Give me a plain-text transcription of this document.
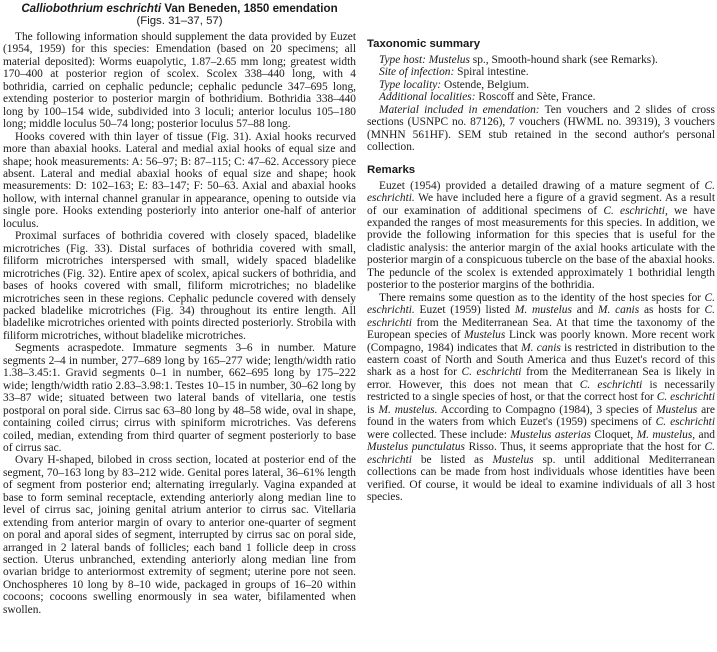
Calliobothrium eschrichti Van Beneden, 1850 emendation
(Figs. 31–37, 57)

The following information should supplement the data provided by Euzet (1954, 1959) for this species: Emendation (based on 20 specimens; all material deposited): Worms euapolytic, 1.87–2.65 mm long; greatest width 170–400 at posterior region of scolex. Scolex 338–440 long, with 4 bothridia, carried on cephalic peduncle; cephalic peduncle 347–695 long, extending posterior to posterior margin of bothridium. Bothridia 338–440 long by 100–154 wide, subdivided into 3 loculi; anterior loculus 105–180 long; middle loculus 50–74 long; posterior loculus 57–88 long.

Hooks covered with thin layer of tissue (Fig. 31). Axial hooks recurved more than abaxial hooks. Lateral and medial axial hooks of equal size and shape; hook measurements: A: 56–97; B: 87–115; C: 47–62. Accessory piece absent. Lateral and medial abaxial hooks of equal size and shape; hook measurements: D: 102–163; E: 83–147; F: 50–63. Axial and abaxial hooks hollow, with internal channel granular in appearance, opening to outside via single pore. Hooks extending posteriorly into anterior one-half of anterior loculus.

Proximal surfaces of bothridia covered with closely spaced, bladelike microtriches (Fig. 33). Distal surfaces of bothridia covered with small, filiform microtriches interspersed with small, widely spaced bladelike microtriches (Fig. 32). Entire apex of scolex, apical suckers of bothridia, and bases of hooks covered with small, filiform microtriches; no bladelike microtriches seen in these regions. Cephalic peduncle covered with densely packed bladelike microtriches (Fig. 34) throughout its entire length. All bladelike microtriches oriented with points directed posteriorly. Strobila with filiform microtriches, without bladelike microtriches.

Segments acraspedote. Immature segments 3–6 in number. Mature segments 2–4 in number, 277–689 long by 165–277 wide; length/width ratio 1.38–3.45:1. Gravid segments 0–1 in number, 662–695 long by 175–222 wide; length/width ratio 2.83–3.98:1. Testes 10–15 in number, 30–62 long by 33–87 wide; situated between two lateral bands of vitellaria, one testis postporal on poral side. Cirrus sac 63–80 long by 48–58 wide, oval in shape, containing coiled cirrus; cirrus with spiniform microtriches. Vas deferens coiled, median, extending from third quarter of segment posteriorly to base of cirrus sac.

Ovary H-shaped, bilobed in cross section, located at posterior end of the segment, 70–163 long by 83–212 wide. Genital pores lateral, 36–61% length of segment from posterior end; alternating irregularly. Vagina expanded at base to form seminal receptacle, extending anteriorly along median line to level of cirrus sac, joining genital atrium anterior to cirrus sac. Vitellaria extending from anterior margin of ovary to anterior one-quarter of segment on poral and aporal sides of segment, interrupted by cirrus sac on poral side, arranged in 2 lateral bands of follicles; each band 1 follicle deep in cross section. Uterus unbranched, extending anteriorly along median line from ovarian bridge to anteriormost extremity of segment; uterine pore not seen. Onchospheres 10 long by 8–10 wide, packaged in groups of 16–20 within cocoons; cocoons swelling enormously in sea water, bifilamented when swollen.

Taxonomic summary
Type host: Mustelus sp., Smooth-hound shark (see Remarks).
Site of infection: Spiral intestine.
Type locality: Ostende, Belgium.
Additional localities: Roscoff and Sète, France.
Material included in emendation: Ten vouchers and 2 slides of cross sections (USNPC no. 87126), 7 vouchers (HWML no. 39319), 3 vouchers (MNHN 561HF). SEM stub retained in the second author's personal collection.
Remarks

Euzet (1954) provided a detailed drawing of a mature segment of C. eschrichti. We have included here a figure of a gravid segment. As a result of our examination of additional specimens of C. eschrichti, we have expanded the ranges of most measurements for this species. In addition, we provide the following information for this species that is useful for the cladistic analysis: the anterior margin of the axial hooks articulate with the posterior margin of a conspicuous tubercle on the base of the abaxial hooks. The peduncle of the scolex is extended approximately 1 bothridial length posterior to the posterior margins of the bothridia.

There remains some question as to the identity of the host species for C. eschrichti. Euzet (1959) listed M. mustelus and M. canis as hosts for C. eschrichti from the Mediterranean Sea. At that time the taxonomy of the European species of Mustelus Linck was poorly known. More recent work (Compagno, 1984) indicates that M. canis is restricted in distribution to the eastern coast of North and South America and thus Euzet's record of this shark as a host for C. eschrichti from the Mediterranean Sea is likely in error. However, this does not mean that C. eschrichti is necessarily restricted to a single species of host, or that the correct host for C. eschrichti is M. mustelus. According to Compagno (1984), 3 species of Mustelus are found in the waters from which Euzet's (1959) specimens of C. eschrichti were collected. These include: Mustelus asterias Cloquet, M. mustelus, and Mustelus punctulatus Risso. Thus, it seems appropriate that the host for C. eschrichti be listed as Mustelus sp. until additional Mediterranean collections can be made from host individuals whose identities have been verified. Of course, it would be ideal to examine individuals of all 3 host species.
